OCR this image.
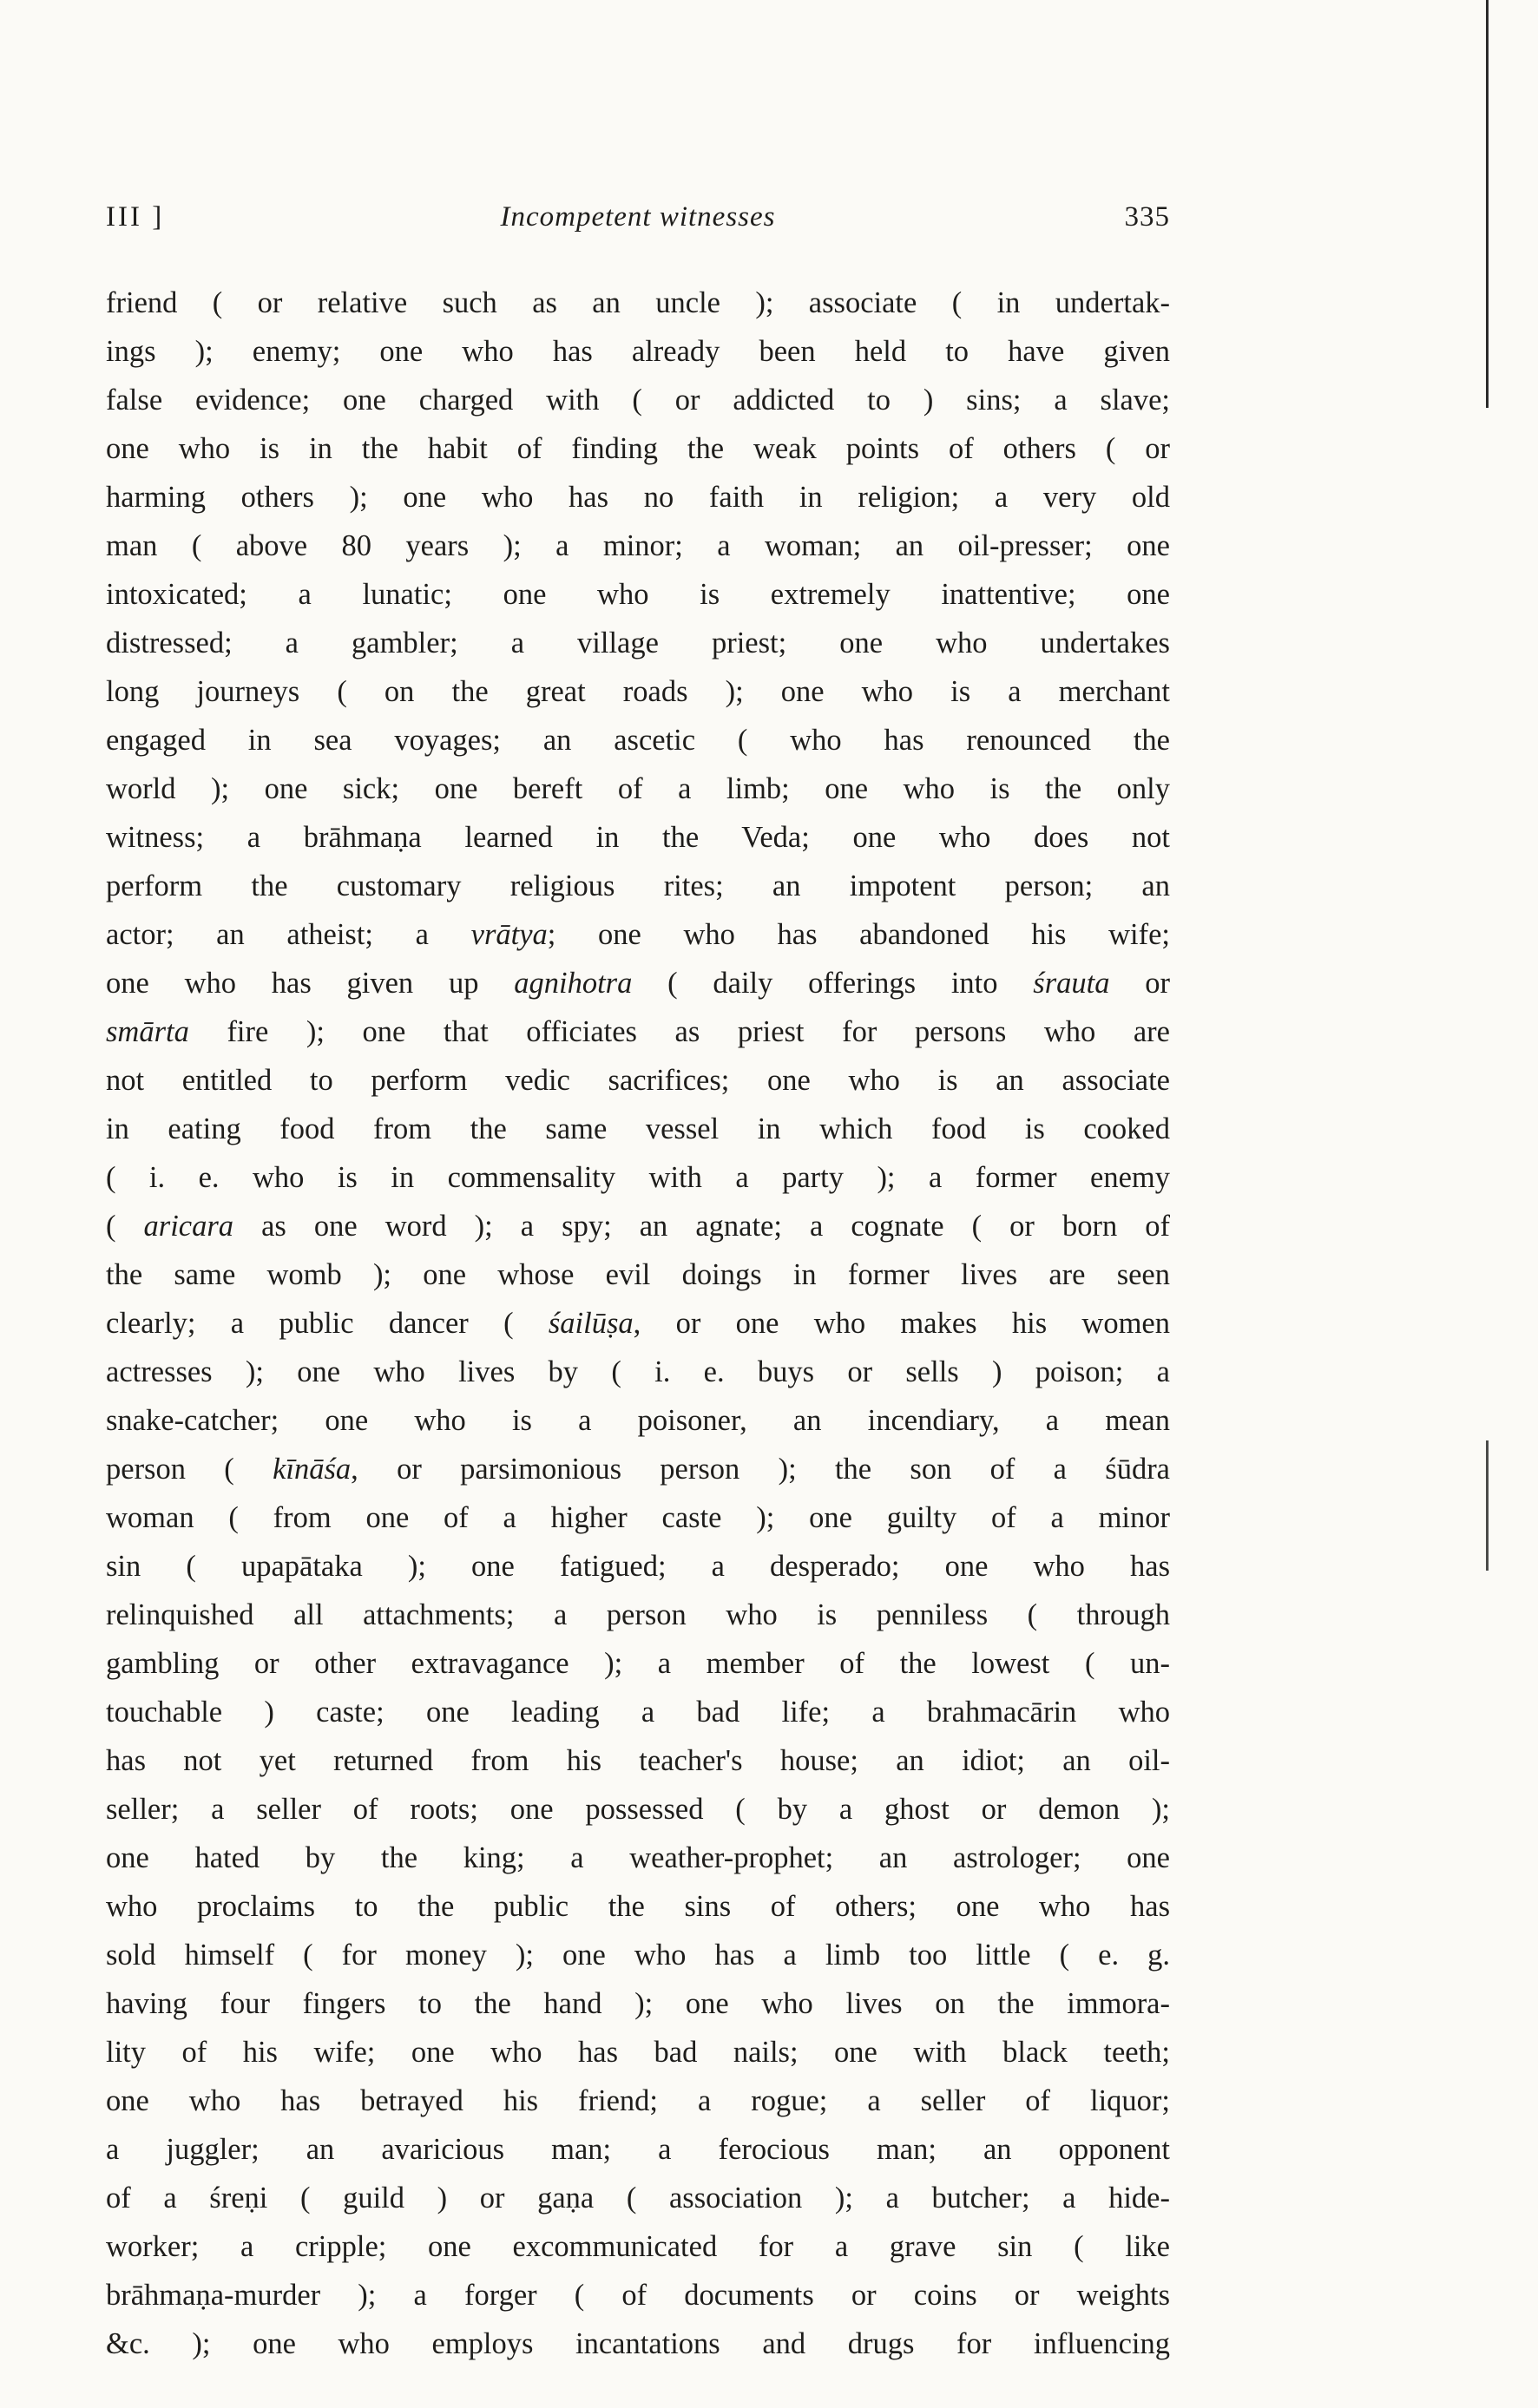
III ]	Incompetent witnesses	335
friend ( or relative such as an uncle ); associate ( in undertak-
ings ); enemy; one who has already been held to have given
false evidence; one charged with ( or addicted to ) sins; a slave;
one who is in the habit of finding the weak points of others ( or
harming others ); one who has no faith in religion; a very old
man ( above 80 years ); a minor; a woman; an oil-presser; one
intoxicated; a lunatic; one who is extremely inattentive; one
distressed; a gambler; a village priest; one who undertakes
long journeys ( on the great roads ); one who is a merchant
engaged in sea voyages; an ascetic ( who has renounced the
world ); one sick; one bereft of a limb; one who is the only
witness; a brāhmaṇa learned in the Veda; one who does not
perform the customary religious rites; an impotent person; an
actor; an atheist; a vrātya; one who has abandoned his wife;
one who has given up agnihotra ( daily offerings into śrauta or
smārta fire ); one that officiates as priest for persons who are
not entitled to perform vedic sacrifices; one who is an associate
in eating food from the same vessel in which food is cooked
( i. e. who is in commensality with a party ); a former enemy
( aricara as one word ); a spy; an agnate; a cognate ( or born of
the same womb ); one whose evil doings in former lives are seen
clearly; a public dancer ( śailūṣa, or one who makes his women
actresses ); one who lives by ( i. e. buys or sells ) poison; a
snake-catcher; one who is a poisoner, an incendiary, a mean
person ( kīnāśa, or parsimonious person ); the son of a śūdra
woman ( from one of a higher caste ); one guilty of a minor
sin ( upapātaka ); one fatigued; a desperado; one who has
relinquished all attachments; a person who is penniless ( through
gambling or other extravagance ); a member of the lowest ( un-
touchable ) caste; one leading a bad life; a brahmacārin who
has not yet returned from his teacher's house; an idiot; an oil-
seller; a seller of roots; one possessed ( by a ghost or demon );
one hated by the king; a weather-prophet; an astrologer; one
who proclaims to the public the sins of others; one who has
sold himself ( for money ); one who has a limb too little ( e. g.
having four fingers to the hand ); one who lives on the immora-
lity of his wife; one who has bad nails; one with black teeth;
one who has betrayed his friend; a rogue; a seller of liquor;
a juggler; an avaricious man; a ferocious man; an opponent
of a śreṇi ( guild ) or gaṇa ( association ); a butcher; a hide-
worker; a cripple; one excommunicated for a grave sin ( like
brāhmaṇa-murder ); a forger ( of documents or coins or weights
&c. ); one who employs incantations and drugs for influencing
